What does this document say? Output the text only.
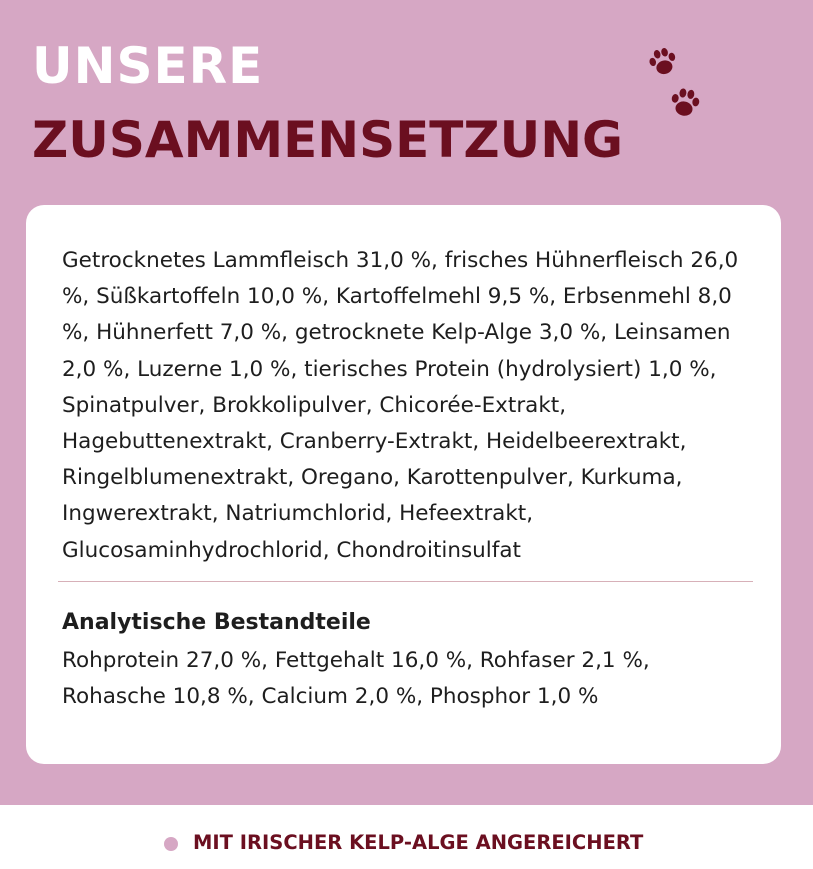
UNSERE
ZUSAMMENSETZUNG

Getrocknetes Lammfleisch 31,0 %, frisches Hühnerfleisch 26,0 %, Süßkartoffeln 10,0 %, Kartoffelmehl 9,5 %, Erbsenmehl 8,0 %, Hühnerfett 7,0 %, getrocknete Kelp-Alge 3,0 %, Leinsamen 2,0 %, Luzerne 1,0 %, tierisches Protein (hydrolysiert) 1,0 %, Spinatpulver, Brokkolipulver, Chicorée-Extrakt, Hagebuttenextrakt, Cranberry-Extrakt, Heidelbeerextrakt, Ringelblumenextrakt, Oregano, Karottenpulver, Kurkuma, Ingwerextrakt, Natriumchlorid, Hefeextrakt, Glucosaminhydrochlorid, Chondroitinsulfat

Analytische Bestandteile

Rohprotein 27,0 %, Fettgehalt 16,0 %, Rohfaser 2,1 %, Rohasche 10,8 %, Calcium 2,0 %, Phosphor 1,0 %

MIT IRISCHER KELP-ALGE ANGEREICHERT
